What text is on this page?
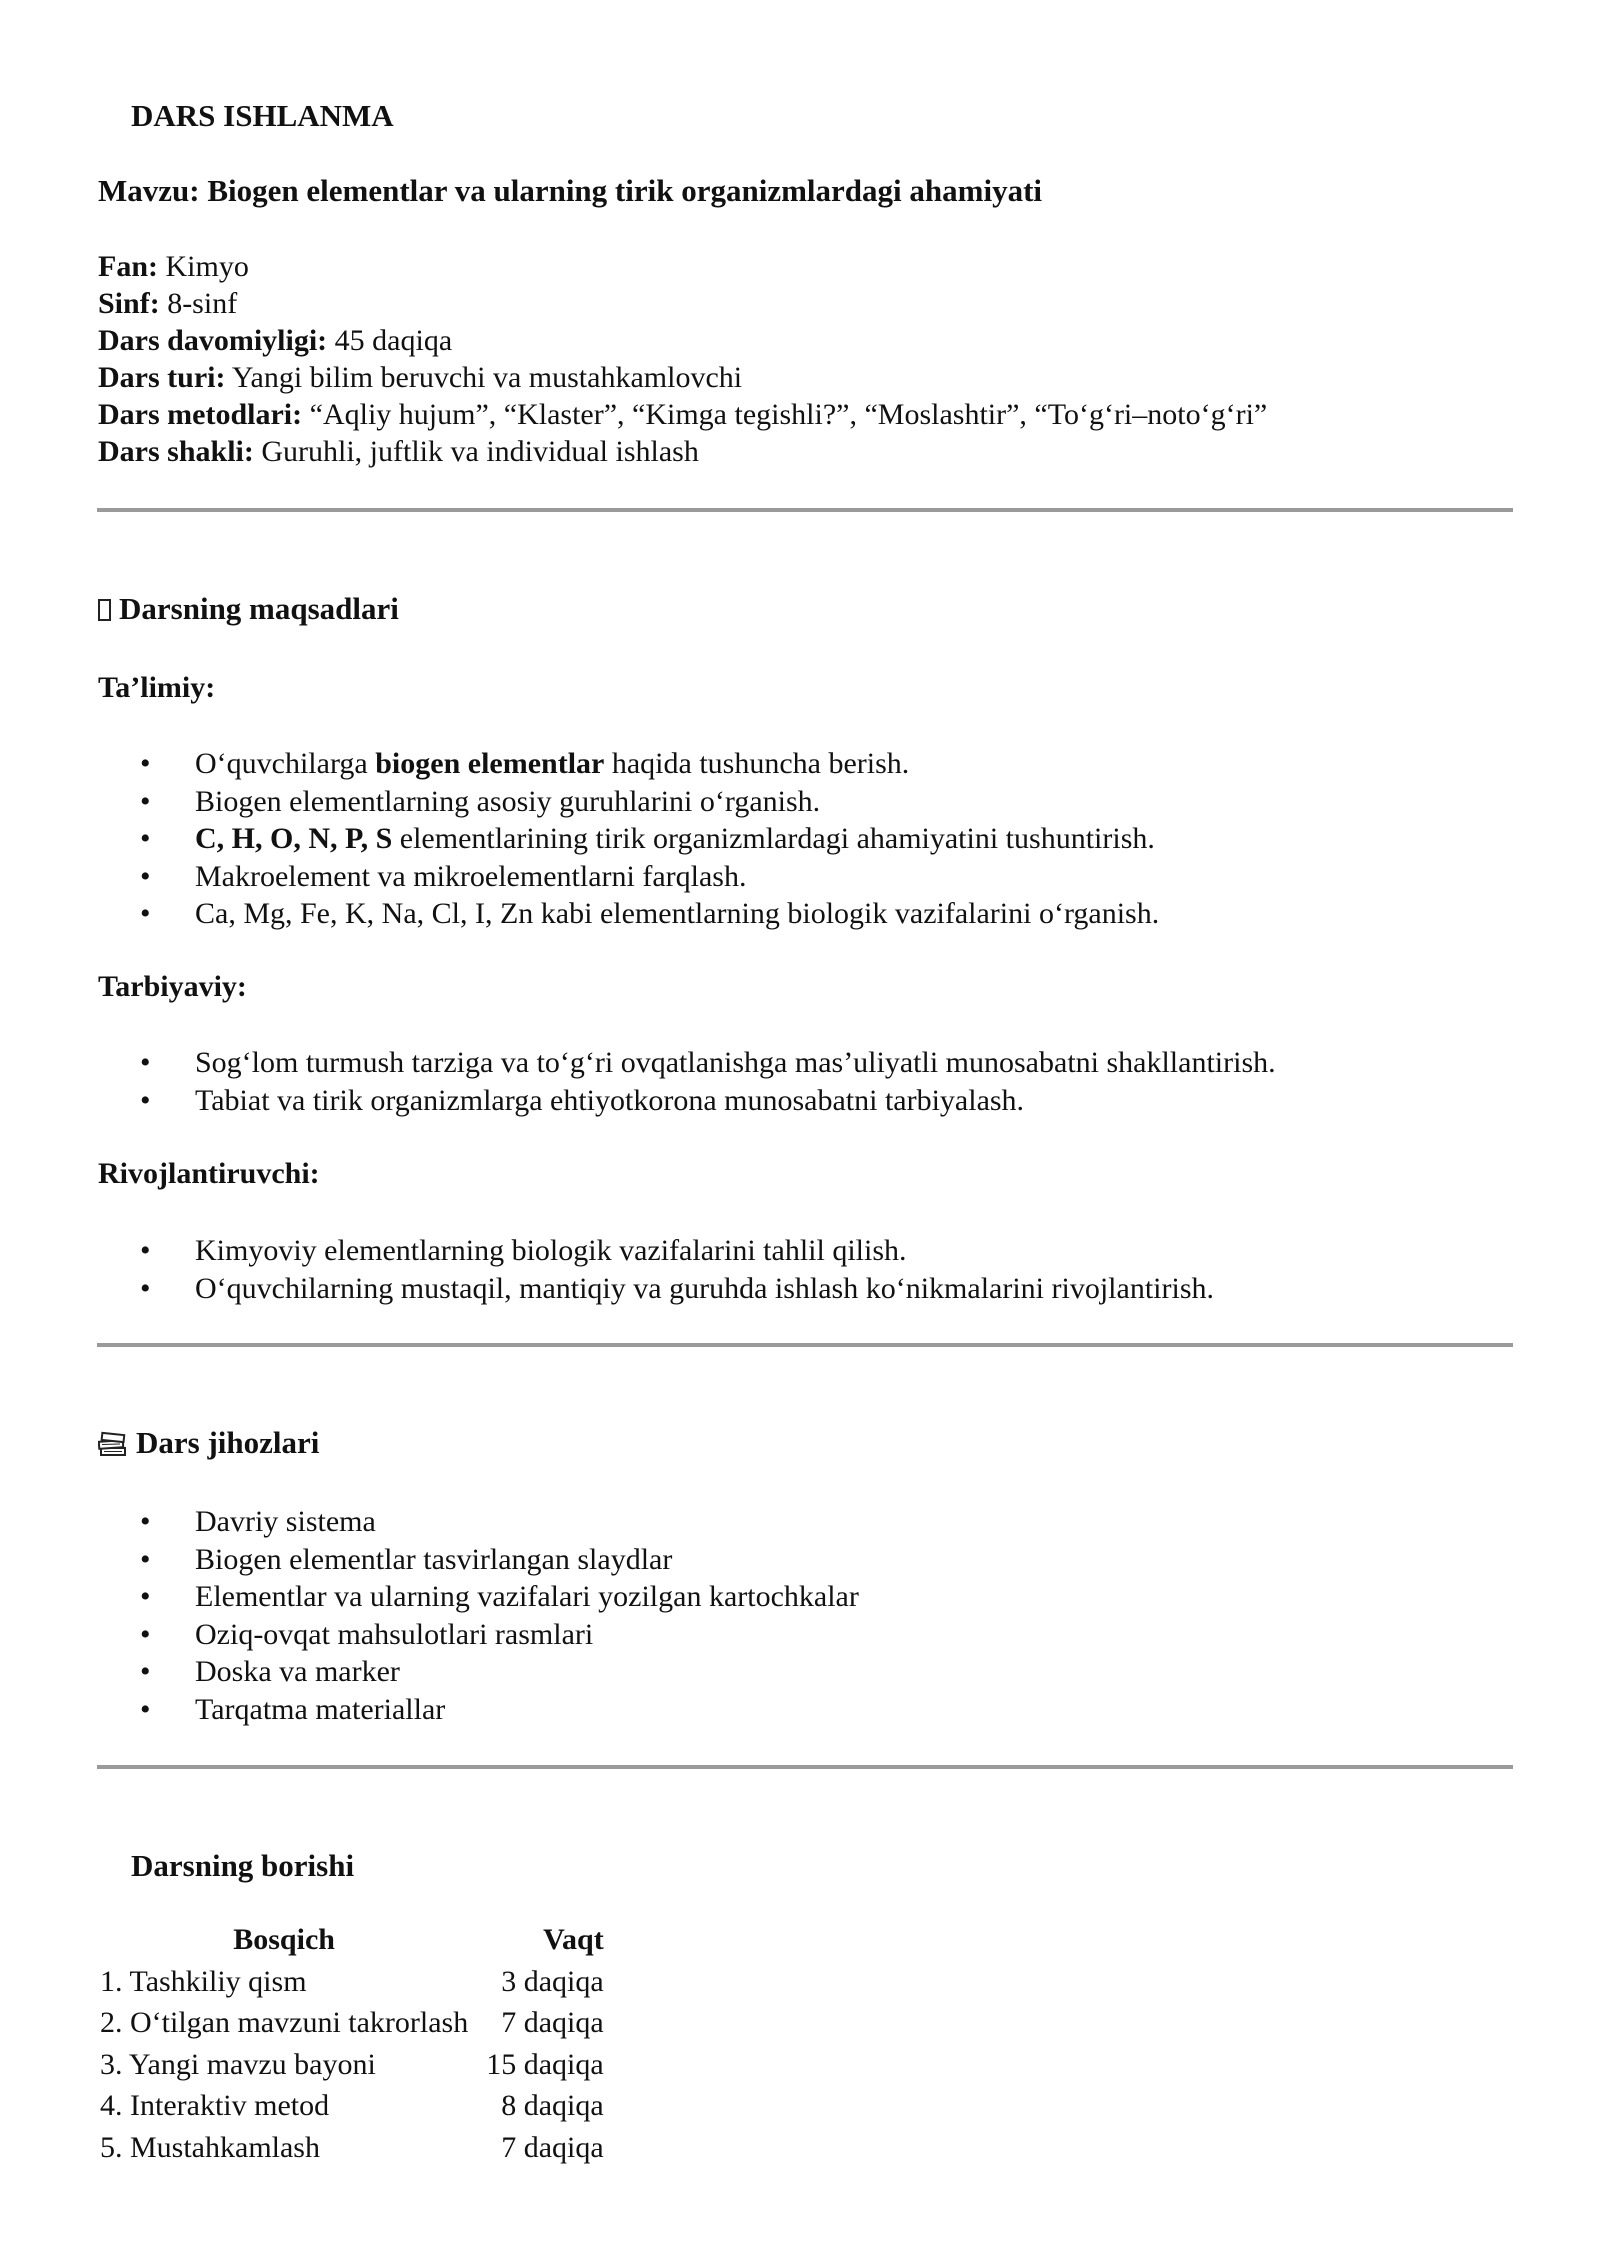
DARS ISHLANMA
Mavzu: Biogen elementlar va ularning tirik organizmlardagi ahamiyati
Fan: Kimyo
Sinf: 8-sinf
Dars davomiyligi: 45 daqiqa
Dars turi: Yangi bilim beruvchi va mustahkamlovchi
Dars metodlari: “Aqliy hujum”, “Klaster”, “Kimga tegishli?”, “Moslashtir”, “To‘g‘ri–noto‘g‘ri”
Dars shakli: Guruhli, juftlik va individual ishlash
Darsning maqsadlari
Ta’limiy:
• O‘quvchilarga biogen elementlar haqida tushuncha berish.
• Biogen elementlarning asosiy guruhlarini o‘rganish.
• C, H, O, N, P, S elementlarining tirik organizmlardagi ahamiyatini tushuntirish.
• Makroelement va mikroelementlarni farqlash.
• Ca, Mg, Fe, K, Na, Cl, I, Zn kabi elementlarning biologik vazifalarini o‘rganish.
Tarbiyaviy:
• Sog‘lom turmush tarziga va to‘g‘ri ovqatlanishga mas’uliyatli munosabatni shakllantirish.
• Tabiat va tirik organizmlarga ehtiyotkorona munosabatni tarbiyalash.
Rivojlantiruvchi:
• Kimyoviy elementlarning biologik vazifalarini tahlil qilish.
• O‘quvchilarning mustaqil, mantiqiy va guruhda ishlash ko‘nikmalarini rivojlantirish.
Dars jihozlari
• Davriy sistema
• Biogen elementlar tasvirlangan slaydlar
• Elementlar va ularning vazifalari yozilgan kartochkalar
• Oziq-ovqat mahsulotlari rasmlari
• Doska va marker
• Tarqatma materiallar
Darsning borishi
Bosqich	Vaqt
1. Tashkiliy qism	3 daqiqa
2. O‘tilgan mavzuni takrorlash	7 daqiqa
3. Yangi mavzu bayoni	15 daqiqa
4. Interaktiv metod	8 daqiqa
5. Mustahkamlash	7 daqiqa
